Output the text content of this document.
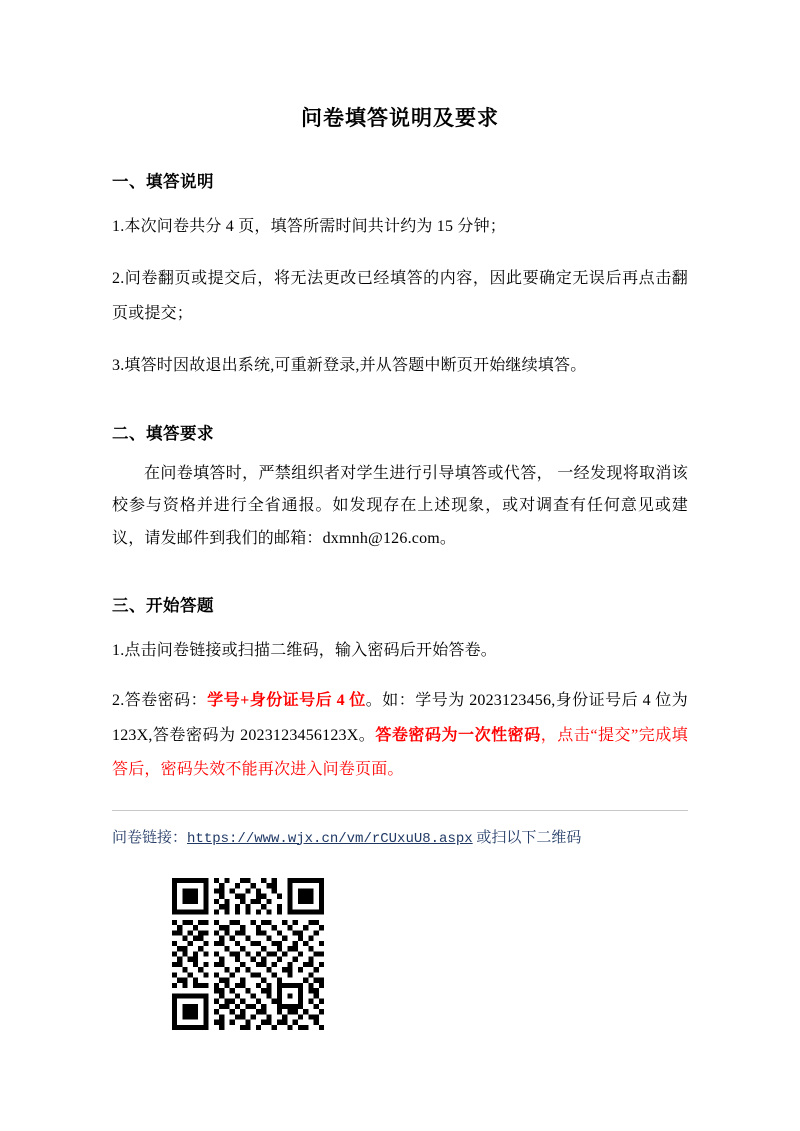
问卷填答说明及要求
一、填答说明

1.本次问卷共分 4 页，填答所需时间共计约为 15 分钟；

2.问卷翻页或提交后，将无法更改已经填答的内容，因此要确定无误后再点击翻页或提交；

3.填答时因故退出系统,可重新登录,并从答题中断页开始继续填答。

二、填答要求

在问卷填答时，严禁组织者对学生进行引导填答或代答， 一经发现将取消该校参与资格并进行全省通报。如发现存在上述现象，或对调查有任何意见或建议，请发邮件到我们的邮箱：dxmnh@126.com。

三、开始答题

1.点击问卷链接或扫描二维码，输入密码后开始答卷。

2.答卷密码：学号+身份证号后 4 位。如：学号为 2023123456,身份证号后 4 位为 123X,答卷密码为 2023123456123X。答卷密码为一次性密码，点击“提交”完成填答后，密码失效不能再次进入问卷页面。

问卷链接：https://www.wjx.cn/vm/rCUxuU8.aspx 或扫以下二维码
